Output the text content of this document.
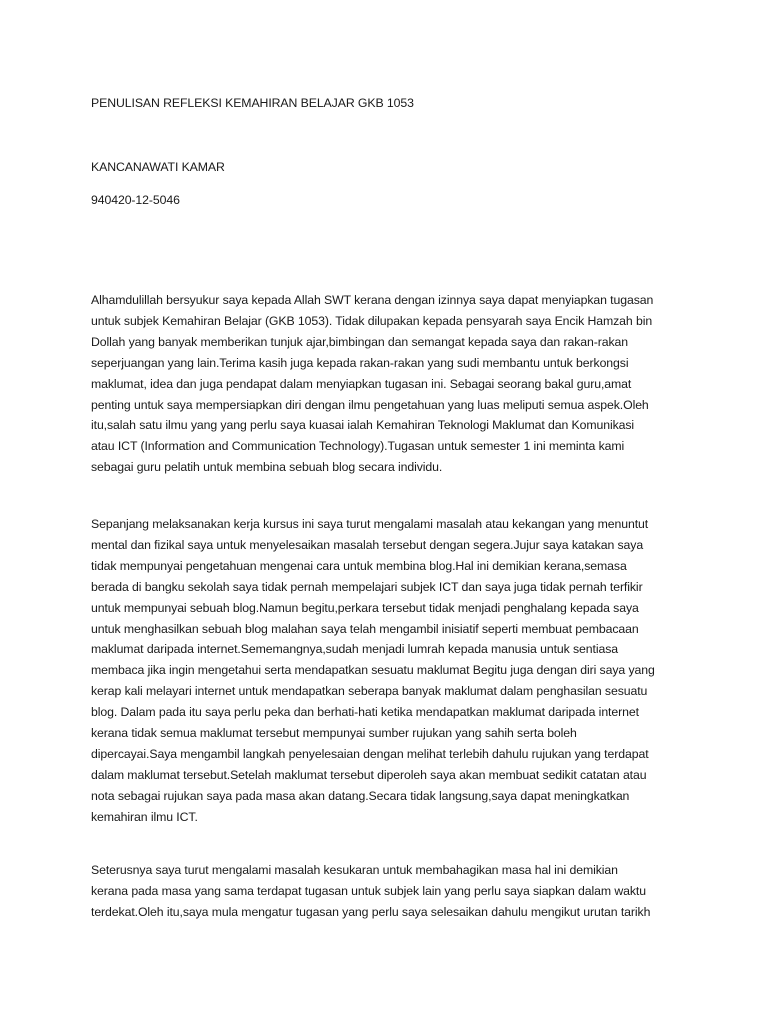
PENULISAN REFLEKSI KEMAHIRAN BELAJAR GKB 1053
KANCANAWATI KAMAR
940420-12-5046
Alhamdulillah bersyukur saya kepada Allah SWT kerana dengan izinnya saya dapat menyiapkan tugasan
untuk subjek Kemahiran Belajar (GKB 1053). Tidak dilupakan kepada pensyarah saya Encik Hamzah bin
Dollah yang banyak memberikan tunjuk ajar,bimbingan dan semangat kepada saya dan rakan-rakan
seperjuangan yang lain.Terima kasih juga kepada rakan-rakan yang sudi membantu untuk berkongsi
maklumat, idea dan juga pendapat dalam menyiapkan tugasan ini. Sebagai seorang bakal guru,amat
penting untuk saya mempersiapkan diri dengan ilmu pengetahuan yang luas meliputi semua aspek.Oleh
itu,salah satu ilmu yang yang perlu saya kuasai ialah Kemahiran Teknologi Maklumat dan Komunikasi
atau ICT (Information and Communication Technology).Tugasan untuk semester 1 ini meminta kami
sebagai guru pelatih untuk membina sebuah blog secara individu.
Sepanjang melaksanakan kerja kursus ini saya turut mengalami masalah atau kekangan yang menuntut
mental dan fizikal saya untuk menyelesaikan masalah tersebut dengan segera.Jujur saya katakan saya
tidak mempunyai pengetahuan mengenai cara untuk membina blog.Hal ini demikian kerana,semasa
berada di bangku sekolah saya tidak pernah mempelajari subjek ICT dan saya juga tidak pernah terfikir
untuk mempunyai sebuah blog.Namun begitu,perkara tersebut tidak menjadi penghalang kepada saya
untuk menghasilkan sebuah blog malahan saya telah mengambil inisiatif seperti membuat pembacaan
maklumat daripada internet.Sememangnya,sudah menjadi lumrah kepada manusia untuk sentiasa
membaca jika ingin mengetahui serta mendapatkan sesuatu maklumat Begitu juga dengan diri saya yang
kerap kali melayari internet untuk mendapatkan seberapa banyak maklumat dalam penghasilan sesuatu
blog. Dalam pada itu saya perlu peka dan berhati-hati ketika mendapatkan maklumat daripada internet
kerana tidak semua maklumat tersebut mempunyai sumber rujukan yang sahih serta boleh
dipercayai.Saya mengambil langkah penyelesaian dengan melihat terlebih dahulu rujukan yang terdapat
dalam maklumat tersebut.Setelah maklumat tersebut diperoleh saya akan membuat sedikit catatan atau
nota sebagai rujukan saya pada masa akan datang.Secara tidak langsung,saya dapat meningkatkan
kemahiran ilmu ICT.
Seterusnya saya turut mengalami masalah kesukaran untuk membahagikan masa hal ini demikian
kerana pada masa yang sama terdapat tugasan untuk subjek lain yang perlu saya siapkan dalam waktu
terdekat.Oleh itu,saya mula mengatur tugasan yang perlu saya selesaikan dahulu mengikut urutan tarikh
